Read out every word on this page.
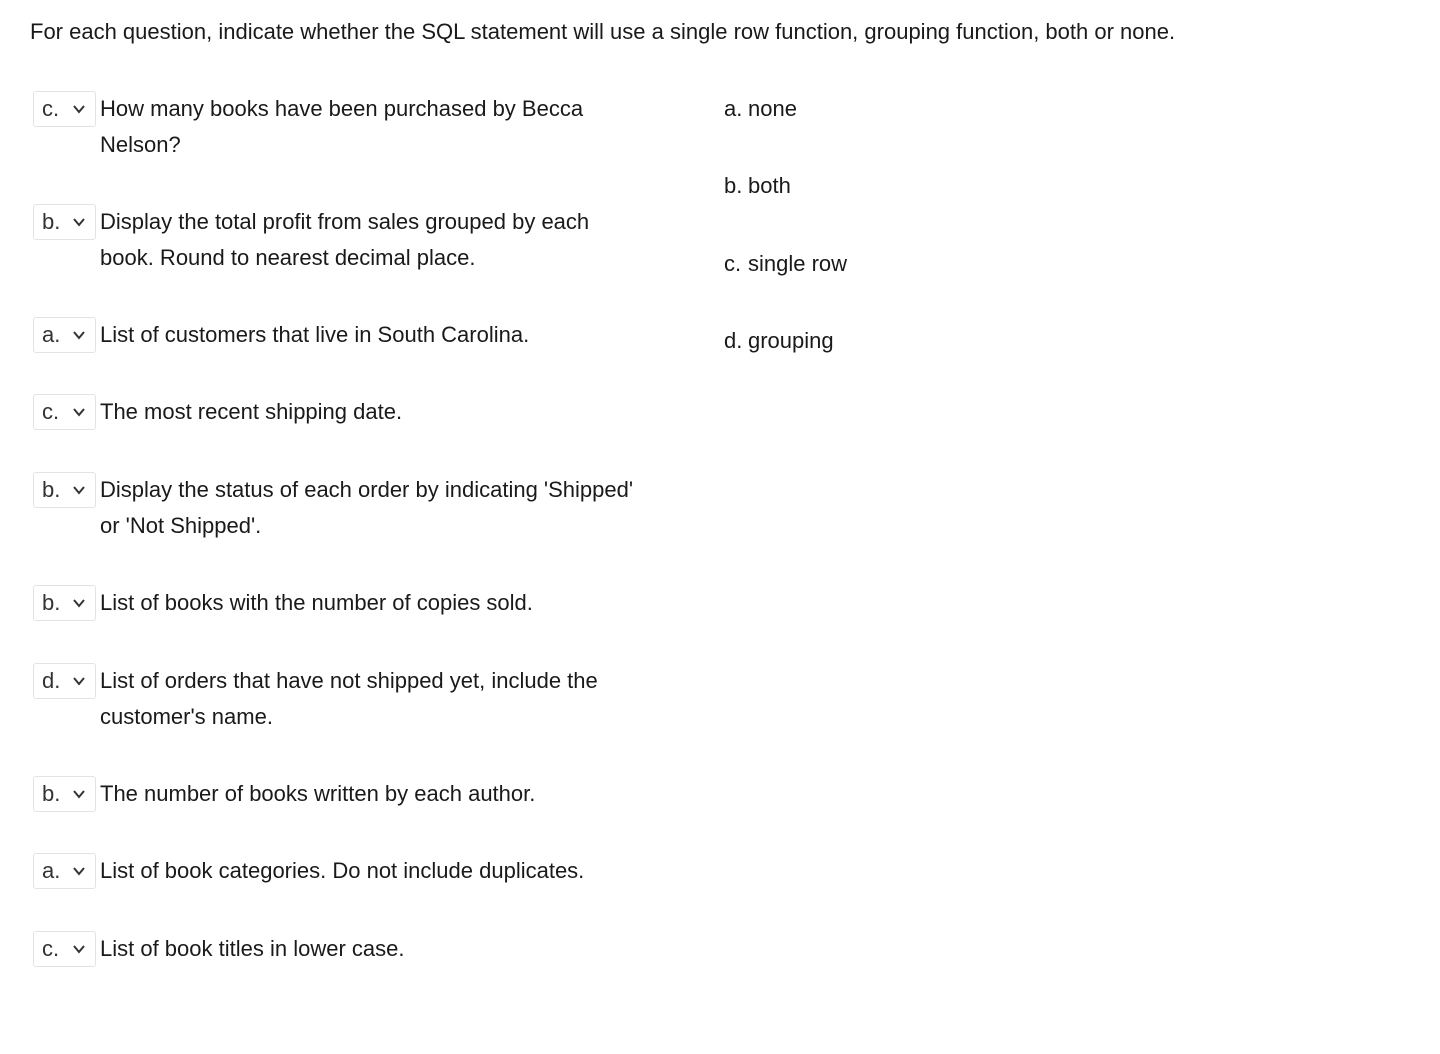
For each question, indicate whether the SQL statement will use a single row function, grouping function, both or none.
c.	How many books have been purchased by Becca Nelson?
b.	Display the total profit from sales grouped by each book. Round to nearest decimal place.
a.	List of customers that live in South Carolina.
c.	The most recent shipping date.
b.	Display the status of each order by indicating 'Shipped' or 'Not Shipped'.
b.	List of books with the number of copies sold.
d.	List of orders that have not shipped yet, include the customer's name.
b.	The number of books written by each author.
a.	List of book categories. Do not include duplicates.
c.	List of book titles in lower case.
a. none
b. both
c. single row
d. grouping
